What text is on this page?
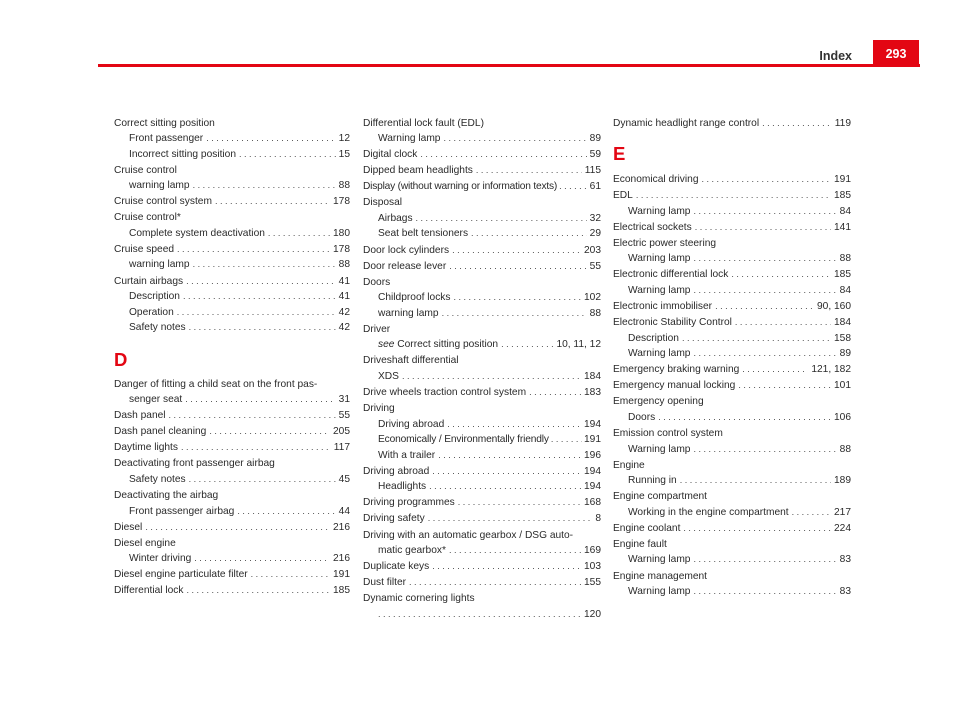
Index	293
Correct sitting position
Front passenger . . .	12
Incorrect sitting position . . .	15
Cruise control
warning lamp . . .	88
Cruise control system . . .	178
Cruise control*
Complete system deactivation . . .	180
Cruise speed . . .	178
warning lamp . . .	88
Curtain airbags . . .	41
Description . . .	41
Operation . . .	42
Safety notes . . .	42
D
Danger of fitting a child seat on the front pas-
senger seat . . .	31
Dash panel . . .	55
Dash panel cleaning . . .	205
Daytime lights . . .	117
Deactivating front passenger airbag
Safety notes . . .	45
Deactivating the airbag
Front passenger airbag . . .	44
Diesel . . .	216
Diesel engine
Winter driving . . .	216
Diesel engine particulate filter . . .	191
Differential lock . . .	185
Differential lock fault (EDL)
Warning lamp . . .	89
Digital clock . . .	59
Dipped beam headlights . . .	115
Display (without warning or information texts) . . .	61
Disposal
Airbags . . .	32
Seat belt tensioners . . .	29
Door lock cylinders . . .	203
Door release lever . . .	55
Doors
Childproof locks . . .	102
warning lamp . . .	88
Driver
see Correct sitting position . . .	10, 11, 12
Driveshaft differential
XDS . . .	184
Drive wheels traction control system . . .	183
Driving
Driving abroad . . .	194
Economically / Environmentally friendly . . .	191
With a trailer . . .	196
Driving abroad . . .	194
Headlights . . .	194
Driving programmes . . .	168
Driving safety . . .	8
Driving with an automatic gearbox / DSG auto-
matic gearbox* . . .	169
Duplicate keys . . .	103
Dust filter . . .	155
Dynamic cornering lights
. . .
120
Dynamic headlight range control . . .	119
E
Economical driving . . .	191
EDL . . .	185
Warning lamp . . .	84
Electrical sockets . . .	141
Electric power steering
Warning lamp . . .	88
Electronic differential lock . . .	185
Warning lamp . . .	84
Electronic immobiliser . . .	90, 160
Electronic Stability Control . . .	184
Description . . .	158
Warning lamp . . .	89
Emergency braking warning . . .	121, 182
Emergency manual locking . . .	101
Emergency opening
Doors . . .	106
Emission control system
Warning lamp . . .	88
Engine
Running in . . .	189
Engine compartment
Working in the engine compartment . . .	217
Engine coolant . . .	224
Engine fault
Warning lamp . . .	83
Engine management
Warning lamp . . .	83
